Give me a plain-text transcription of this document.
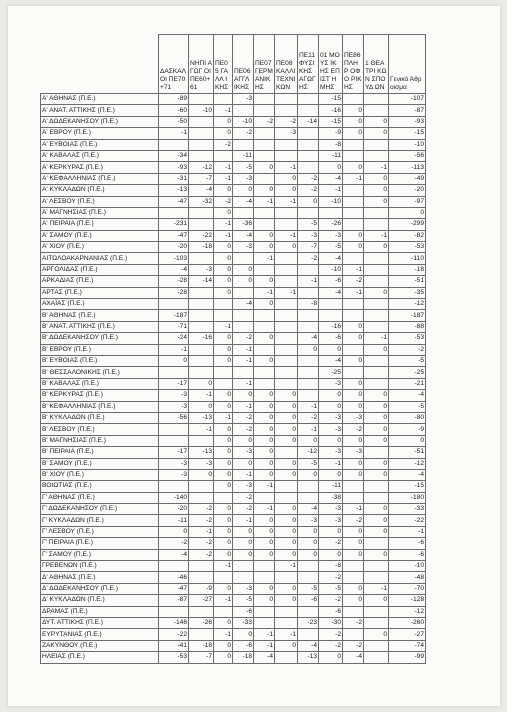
	ΔΑΣΚΑΛ ΟΙ ΠΕ70+71	ΝΗΠΙ ΑΓΩΓ ΟΙ ΠΕ60+ 61	ΠΕ05 ΓΑΛΛ ΙΚΗΣ	ΠΕ06 ΑΓΓΛ ΙΚΗΣ	ΠΕ07 ΓΕΡΜ ΑΝΙΚ ΗΣ	ΠΕ08 ΚΑΛΛΙ ΤΕΧΝΙ ΚΩΝ	ΠΕ11 ΦΥΣΙ ΚΗΣ ΑΓΩΓ ΗΣ	01 ΜΟΥΣ ΙΚΗΣ ΕΠΙΣΤ ΗΜΗΣ	ΠΕ86 ΠΛΗΡ ΟΦΟ ΡΙΚΗΣ	1 ΘΕΑΤΡΙ ΚΩΝ ΣΠΟΥΔ ΩΝ	Γενικό Άθροισμα
Α' ΑΘΗΝΑΣ (Π.Ε.)	-89			-3				-15			-107
Α' ΑΝΑΤ. ΑΤΤΙΚΗΣ (Π.Ε.)	-60	-10	-1					-16	0		-87
Α' ΔΩΔΕΚΑΝΗΣΟΥ (Π.Ε.)	-50		0	-10	-2	-2	-14	-15	0	0	-93
Α' ΕΒΡΟΥ (Π.Ε.)	-1		0	-2		-3		-9	0	0	-15
Α' ΕΥΒΟΙΑΣ (Π.Ε.)			-2					-8			-10
Α' ΚΑΒΑΛΑΣ (Π.Ε.)	-34			-11				-11			-56
Α' ΚΕΡΚΥΡΑΣ (Π.Ε.)	-93	-12	-1	-5	0	-1		0	0	-1	-113
Α' ΚΕΦΑΛΛΗΝΙΑΣ (Π.Ε.)	-31	-7	-1	-3		0	-2	-4	-1	0	-49
Α' ΚΥΚΛΑΔΩΝ (Π.Ε.)	-13	-4	0	0	0	0	-2	-1		0	-20
Α' ΛΕΣΒΟΥ (Π.Ε.)	-47	-32	-2	-4	-1	-1	0	-10		0	-97
Α' ΜΑΓΝΗΣΙΑΣ (Π.Ε.)			0								0
Α' ΠΕΙΡΑΙΑ (Π.Ε.)	-231		-1	-36			-5	-26			-299
Α' ΣΑΜΟΥ (Π.Ε.)	-47	-22	-1	-4	0	-1	-3	-3	0	-1	-82
Α' ΧΙΟΥ (Π.Ε.)	-20	-18	0	-3	0	0	-7	-5	0	0	-53
ΑΙΤΩΛΟΑΚΑΡΝΑΝΙΑΣ (Π.Ε.)	-103		0		-1		-2	-4			-110
ΑΡΓΟΛΙΔΑΣ (Π.Ε.)	-4	-3	0	0				-10	-1		-18
ΑΡΚΑΔΙΑΣ (Π.Ε.)	-28	-14	0	0	0		-1	-6	-2		-51
ΑΡΤΑΣ (Π.Ε.)	-28		0		-1	-1		-4	-1	0	-35
ΑΧΑΪΑΣ (Π.Ε.)				-4	0		-8				-12
Β' ΑΘΗΝΑΣ (Π.Ε.)	-187										-187
Β' ΑΝΑΤ. ΑΤΤΙΚΗΣ (Π.Ε.)	-71		-1					-16	0		-88
Β' ΔΩΔΕΚΑΝΗΣΟΥ (Π.Ε.)	-24	-16	0	-2	0		-4	-6	0	-1	-53
Β' ΕΒΡΟΥ (Π.Ε.)	-1		0	-1			0	0		0	-2
Β' ΕΥΒΟΙΑΣ (Π.Ε.)	0		0	-1	0			-4	0		-5
Β' ΘΕΣΣΑΛΟΝΙΚΗΣ (Π.Ε.)								-25			-25
Β' ΚΑΒΑΛΑΣ (Π.Ε.)	-17	0		-1				-3	0		-21
Β' ΚΕΡΚΥΡΑΣ (Π.Ε.)	-3	-1	0	0	0	0		0	0	0	-4
Β' ΚΕΦΑΛΛΗΝΙΑΣ (Π.Ε.)	-3	0	0	-1	0	0	-1	0	0	0	-5
Β' ΚΥΚΛΑΔΩΝ (Π.Ε.)	-56	-13	-1	-2	0	0	-2	-3	-3	0	-80
Β' ΛΕΣΒΟΥ (Π.Ε.)		-1	0	-2	0	0	-1	-3	-2	0	-9
Β' ΜΑΓΝΗΣΙΑΣ (Π.Ε.)			0	0	0	0	0	0	0	0	0
Β' ΠΕΙΡΑΙΑ (Π.Ε.)	-17	-13	0	-3	0		-12	-3	-3		-51
Β' ΣΑΜΟΥ (Π.Ε.)	-3	-3	0	0	0	0	-5	-1	0	0	-12
Β' ΧΙΟΥ (Π.Ε.)	-3	0	0	-1	0	0	0	0	0	0	-4
ΒΟΙΩΤΙΑΣ (Π.Ε.)			0	-3	-1			-11			-15
Γ' ΑΘΗΝΑΣ (Π.Ε.)	-140			-2				-38			-180
Γ' ΔΩΔΕΚΑΝΗΣΟΥ (Π.Ε.)	-20	-2	0	-2	-1	0	-4	-3	-1	0	-33
Γ' ΚΥΚΛΑΔΩΝ (Π.Ε.)	-11	-2	0	-1	0	0	-3	-3	-2	0	-22
Γ' ΛΕΣΒΟΥ (Π.Ε.)	0	-1	0	0	0	0	0	0	0	0	-1
Γ' ΠΕΙΡΑΙΑ (Π.Ε.)	-2	-2	0	0	0	0	0	-2	0		-6
Γ' ΣΑΜΟΥ (Π.Ε.)	-4	-2	0	0	0	0	0	0	0	0	-6
ΓΡΕΒΕΝΩΝ (Π.Ε.)			-1			-1		-8			-10
Δ' ΑΘΗΝΑΣ (Π.Ε.)	-46							-2			-48
Δ' ΔΩΔΕΚΑΝΗΣΟΥ (Π.Ε.)	-47	-9	0	-3	0	0	-5	-5	0	-1	-70
Δ' ΚΥΚΛΑΔΩΝ (Π.Ε.)	-87	-27	-1	-5	0	0	-6	-2	0	0	-128
ΔΡΑΜΑΣ (Π.Ε.)				-6				-6			-12
ΔΥΤ. ΑΤΤΙΚΗΣ (Π.Ε.)	-146	-26	0	-33			-23	-30	-2		-260
ΕΥΡΥΤΑΝΙΑΣ (Π.Ε.)	-22		-1	0	-1	-1		-2		0	-27
ΖΑΚΥΝΘΟΥ (Π.Ε.)	-41	-18	0	-6	-1	0	-4	-2	-2		-74
ΗΛΕΙΑΣ (Π.Ε.)	-53	-7	0	-18	-4		-13	0	-4		-99
